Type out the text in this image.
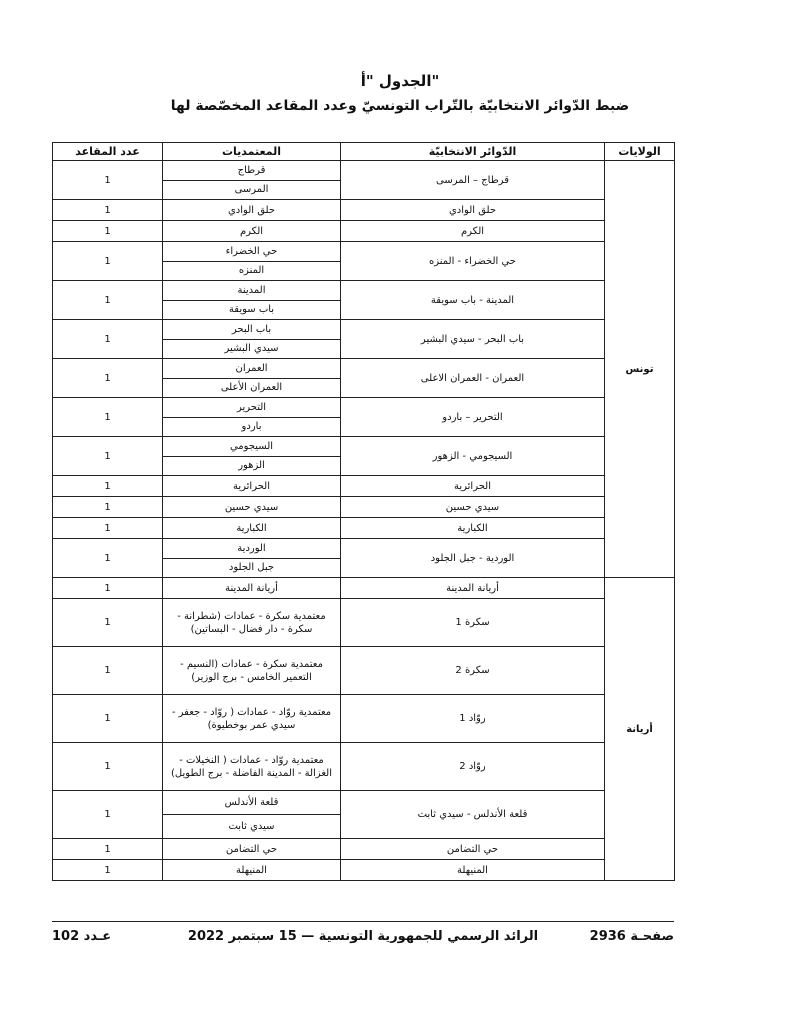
الجدول "أ"
ضبط الدّوائر الانتخابيّة بالتّراب التونسيّ وعدد المقاعد المخصّصة لها
الولايات	الدّوائر الانتخابيّة	المعتمديات	عدد المقاعد
تونس	قرطاج – المرسى	قرطاج
المرسى	1
	حلق الوادي	حلق الوادي	1
	الكرم	الكرم	1
	حي الخضراء - المنزه	حي الخضراء
المنزه	1
	المدينة - باب سويقة	المدينة
باب سويقة	1
	باب البحر - سيدي البشير	باب البحر
سيدي البشير	1
	العمران - العمران الاعلى	العمران
العمران الأعلى	1
	التحرير – باردو	التحرير
باردو	1
	السيجومي - الزهور	السيجومي
الزهور	1
	الحرائرية	الحرائرية	1
	سيدي حسين	سيدي حسين	1
	الكبارية	الكبارية	1
	الوردية - جبل الجلود	الوردية
جبل الجلود	1
أريانة	أريانة المدينة	أريانة المدينة	1
	سكرة 1	معتمدية سكرة - عمادات (شطرانة - سكرة - دار فضال - البساتين)	1
	سكرة 2	معتمدية سكرة - عمادات (النسيم - التعمير الخامس - برج الوزير)	1
	روّاد 1	معتمدية روّاد - عمادات ( روّاد - جعفر - سيدي عمر بوخطيوة)	1
	روّاد 2	معتمدية روّاد - عمادات ( النخيلات - الغزالة - المدينة الفاضلة - برج الطويل)	1
	قلعة الأندلس - سيدي ثابت	قلعة الأندلس
سيدي ثابت	1
	حي التضامن	حي التضامن	1
	المنيهلة	المنيهلة	1
صفحـة 2936
الرائد الرسمي للجمهورية التونسية — 15 سبتمبر 2022
عـدد 102
